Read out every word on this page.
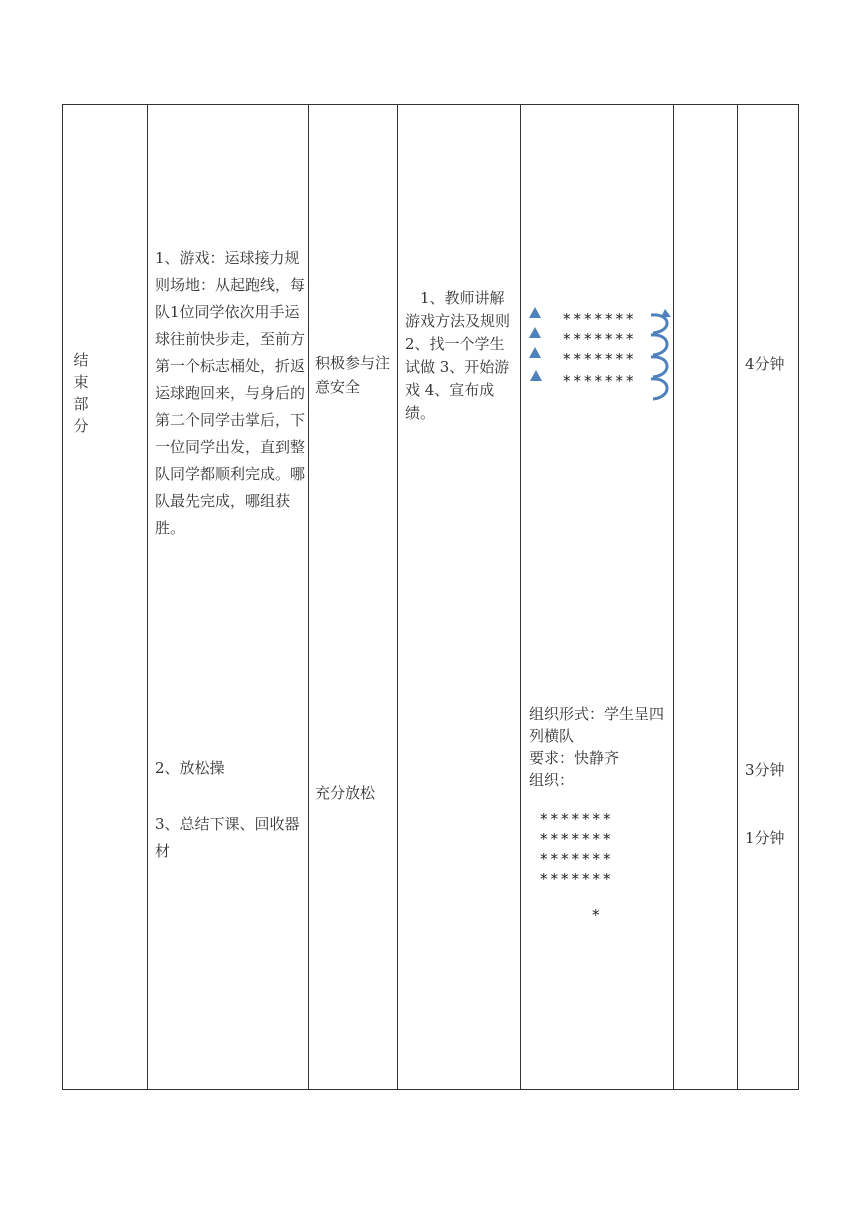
结
束
部
分
1、游戏：运球接力规则场地：从起跑线，每队1位同学依次用手运球往前快步走，至前方第一个标志桶处，折返运球跑回来，与身后的第二个同学击掌后，下一位同学出发，直到整队同学都顺利完成。哪队最先完成，哪组获胜。
2、放松操
3、总结下课、回收器材
积极参与注意安全
充分放松
1、教师讲解游戏方法及规则 2、找一个学生试做 3、开始游戏 4、宣布成绩。
*******
*******
*******
*******
组织形式：学生呈四列横队
要求：快静齐
组织：
*******
*******
*******
*******
*
4分钟
3分钟
1分钟
